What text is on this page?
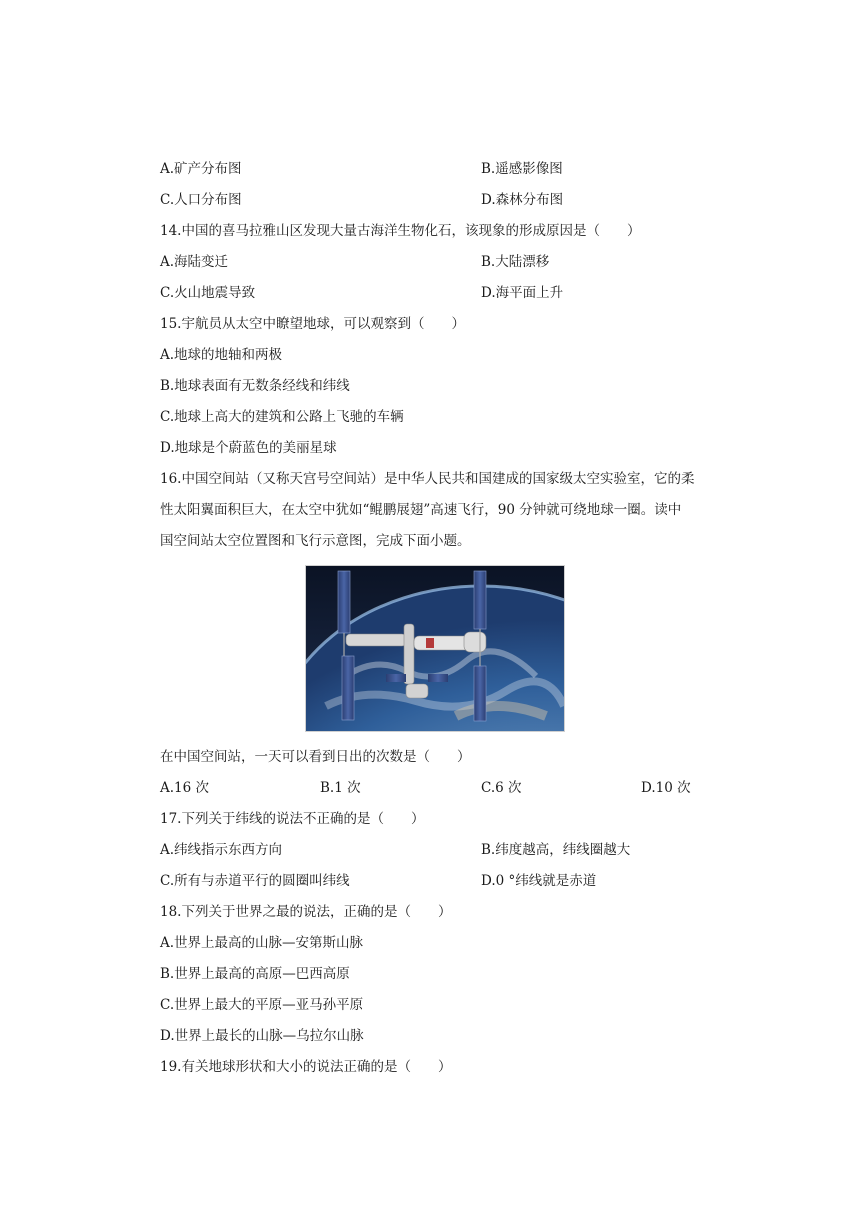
A.矿产分布图	B.遥感影像图
C.人口分布图	D.森林分布图
14.中国的喜马拉雅山区发现大量古海洋生物化石，该现象的形成原因是（　　）
A.海陆变迁	B.大陆漂移
C.火山地震导致	D.海平面上升
15.宇航员从太空中瞭望地球，可以观察到（　　）
A.地球的地轴和两极
B.地球表面有无数条经线和纬线
C.地球上高大的建筑和公路上飞驰的车辆
D.地球是个蔚蓝色的美丽星球
16.中国空间站（又称天宫号空间站）是中华人民共和国建成的国家级太空实验室，它的柔
性太阳翼面积巨大，在太空中犹如“鲲鹏展翅”高速飞行，90 分钟就可绕地球一圈。读中
国空间站太空位置图和飞行示意图，完成下面小题。
在中国空间站，一天可以看到日出的次数是（　　）
A.16 次	B.1 次	C.6 次	D.10 次
17.下列关于纬线的说法不正确的是（　　）
A.纬线指示东西方向	B.纬度越高，纬线圈越大
C.所有与赤道平行的圆圈叫纬线	D.0 °纬线就是赤道
18.下列关于世界之最的说法，正确的是（　　）
A.世界上最高的山脉—安第斯山脉
B.世界上最高的高原—巴西高原
C.世界上最大的平原—亚马孙平原
D.世界上最长的山脉—乌拉尔山脉
19.有关地球形状和大小的说法正确的是（　　）
